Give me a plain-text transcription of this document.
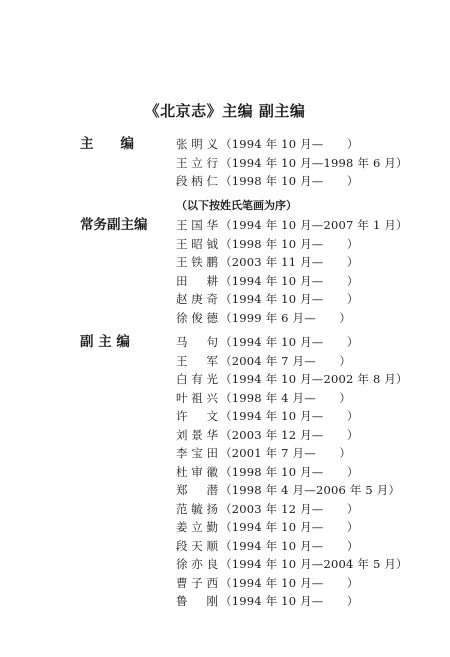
《北京志》主编 副主编
主　　编	张明义 （1994 年 10 月—　　）
王立行 （1994 年 10 月—1998 年 6 月）
段柄仁 （1998 年 10 月—　　）
（以下按姓氏笔画为序）
常务副主编	王国华 （1994 年 10 月—2007 年 1 月）
王昭钺 （1998 年 10 月—　　）
王铁鹏 （2003 年 11 月—　　）
田　耕 （1994 年 10 月—　　）
赵庚奇 （1994 年 10 月—　　）
徐俊德 （1999 年 6 月—　　）
副 主 编	马　句 （1994 年 10 月—　　）
王　军 （2004 年 7 月—　　）
白有光 （1994 年 10 月—2002 年 8 月）
叶祖兴 （1998 年 4 月—　　）
许　文 （1994 年 10 月—　　）
刘景华 （2003 年 12 月—　　）
李宝田 （2001 年 7 月—　　）
杜审徽 （1998 年 10 月—　　）
郑　潜 （1998 年 4 月—2006 年 5 月）
范毓扬 （2003 年 12 月—　　）
姜立勤 （1994 年 10 月—　　）
段天顺 （1994 年 10 月—　　）
徐亦良 （1994 年 10 月—2004 年 5 月）
曹子西 （1994 年 10 月—　　）
鲁　刚 （1994 年 10 月—　　）
